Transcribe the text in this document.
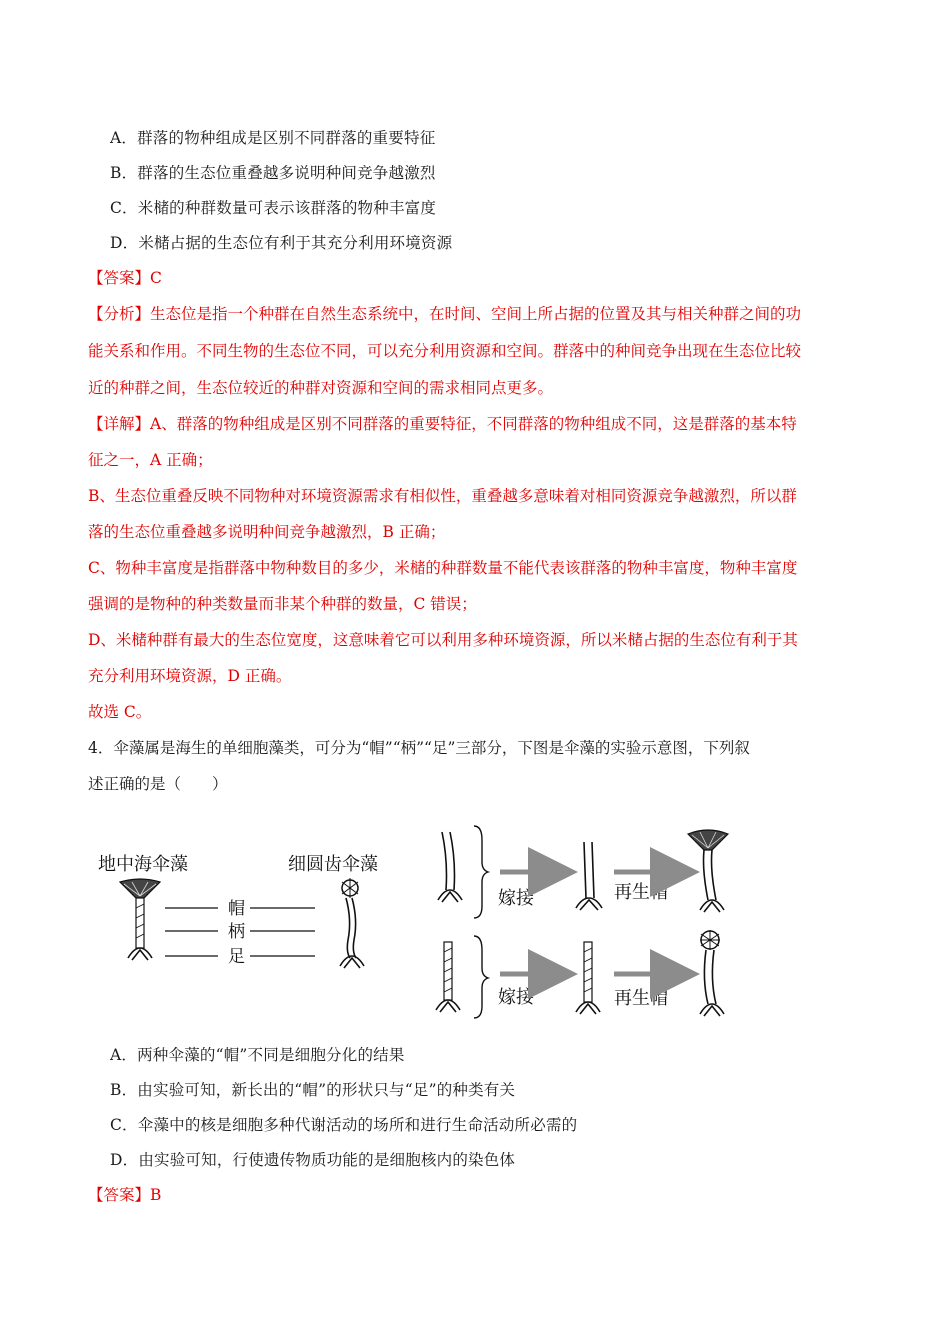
A．群落的物种组成是区别不同群落的重要特征
B．群落的生态位重叠越多说明种间竞争越激烈
C．米槠的种群数量可表示该群落的物种丰富度
D．米槠占据的生态位有利于其充分利用环境资源
【答案】C
【分析】生态位是指一个种群在自然生态系统中，在时间、空间上所占据的位置及其与相关种群之间的功
能关系和作用。不同生物的生态位不同，可以充分利用资源和空间。群落中的种间竞争出现在生态位比较
近的种群之间，生态位较近的种群对资源和空间的需求相同点更多。
【详解】A、群落的物种组成是区别不同群落的重要特征，不同群落的物种组成不同，这是群落的基本特
征之一，A 正确；
B、生态位重叠反映不同物种对环境资源需求有相似性，重叠越多意味着对相同资源竞争越激烈，所以群
落的生态位重叠越多说明种间竞争越激烈，B 正确；
C、物种丰富度是指群落中物种数目的多少，米槠的种群数量不能代表该群落的物种丰富度，物种丰富度
强调的是物种的种类数量而非某个种群的数量，C 错误；
D、米槠种群有最大的生态位宽度，这意味着它可以利用多种环境资源，所以米槠占据的生态位有利于其
充分利用环境资源，D 正确。
故选 C。
4．伞藻属是海生的单细胞藻类，可分为“帽”“柄”“足”三部分，下图是伞藻的实验示意图，下列叙
述正确的是（　　）
地中海伞藻	细圆齿伞藻
帽
柄
足
嫁接	再生帽
嫁接	再生帽
A．两种伞藻的“帽”不同是细胞分化的结果
B．由实验可知，新长出的“帽”的形状只与“足”的种类有关
C．伞藻中的核是细胞多种代谢活动的场所和进行生命活动所必需的
D．由实验可知，行使遗传物质功能的是细胞核内的染色体
【答案】B
